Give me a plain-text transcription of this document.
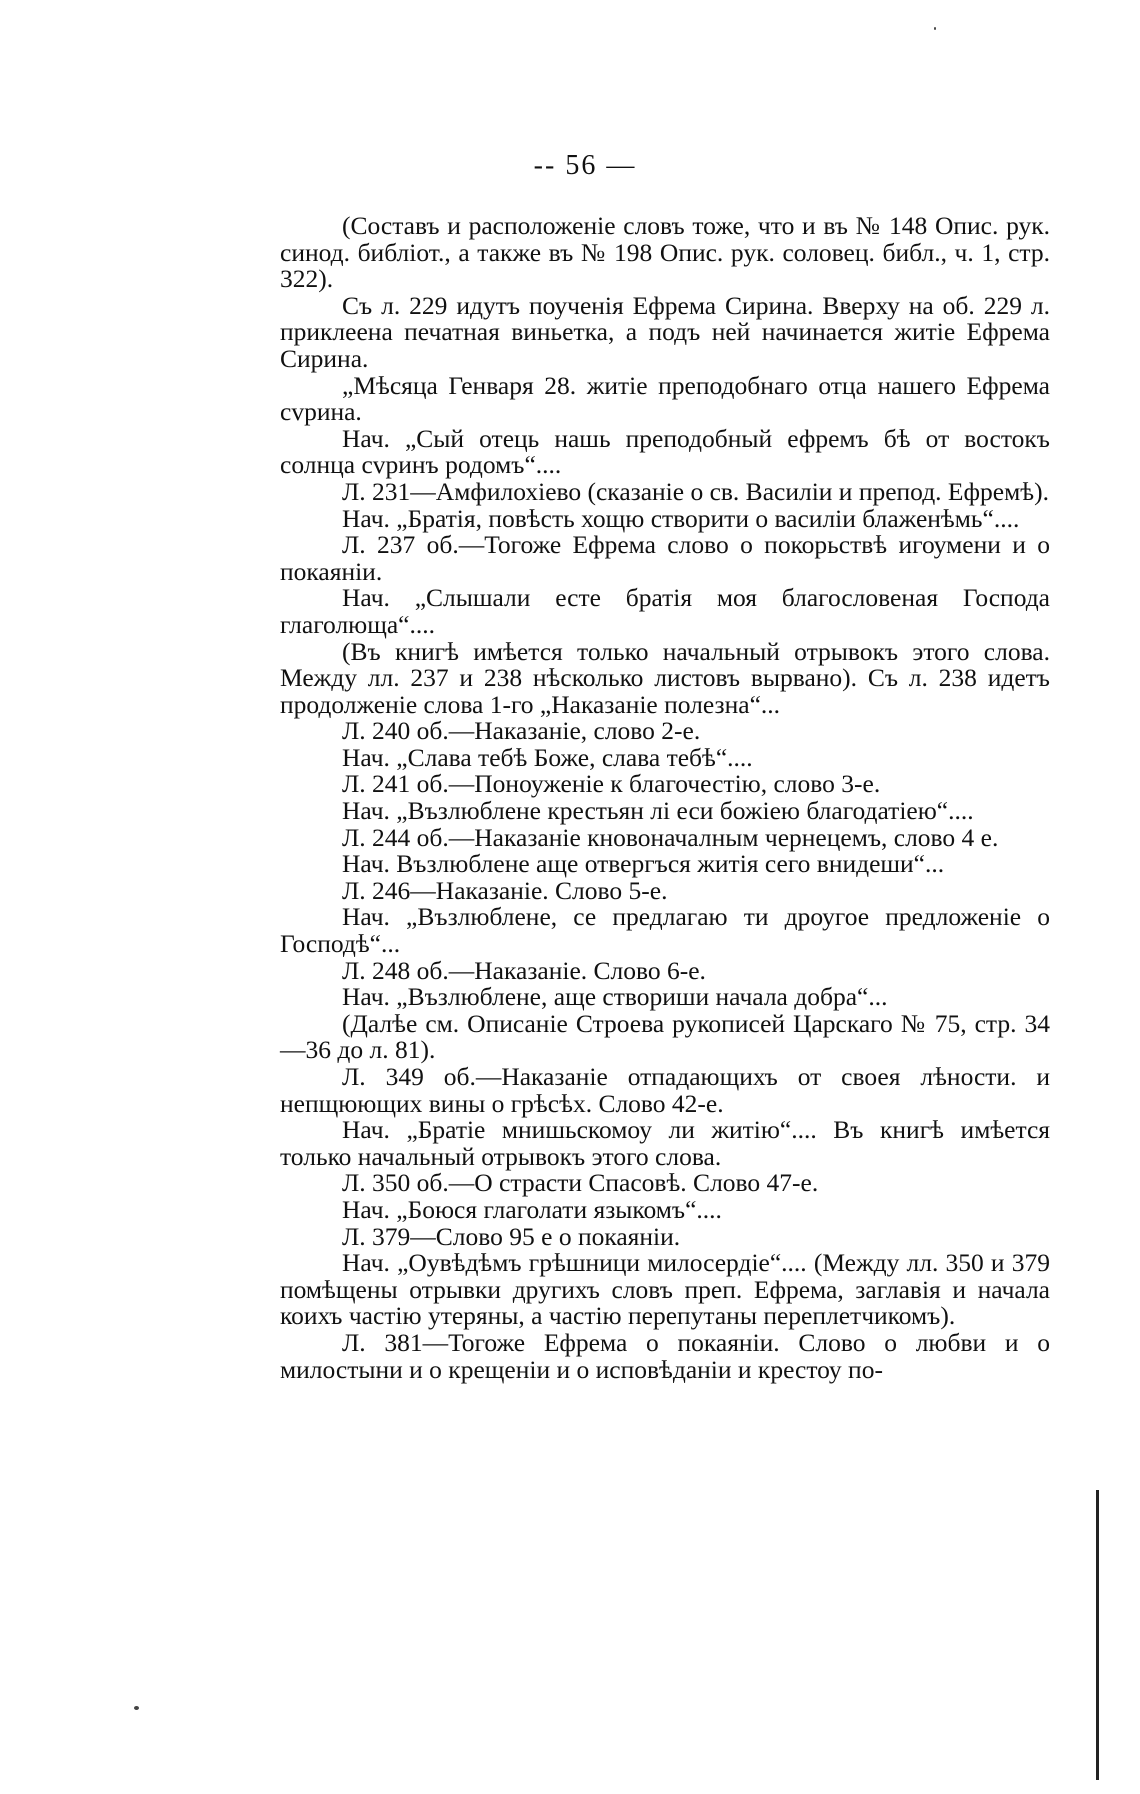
-- 56 —

(Составъ и расположеніе словъ тоже, что и въ № 148 Опис. рук. синод. библіот., а также въ № 198 Опис. рук. соловец. библ., ч. 1, стр. 322).

Съ л. 229 идутъ поученія Ефрема Сирина. Вверху на об. 229 л. приклеена печатная виньетка, а подъ ней начинается житіе Ефрема Сирина.

„Мѣсяца Генваря 28. житіе преподобнаго отца нашего Ефрема сvрина.

Нач. „Сый отець нашь преподобный ефремъ бѣ от востокъ солнца сvринъ родомъ“....

Л. 231—Амфилохіево (сказаніе о св. Василіи и препод. Ефремѣ).

Нач. „Братія, повѣсть хощю створити о василіи блаженѣмь“....

Л. 237 об.—Тогоже Ефрема слово о покорьствѣ игоумени и о покаяніи.

Нач. „Слышали есте братія моя благословеная Господа глаголюща“....

(Въ книгѣ имѣется только начальный отрывокъ этого слова. Между лл. 237 и 238 нѣсколько листовъ вырвано). Съ л. 238 идетъ продолженіе слова 1-го „Наказаніе полезна“...

Л. 240 об.—Наказаніе, слово 2-е.

Нач. „Слава тебѣ Боже, слава тебѣ“....

Л. 241 об.—Поноуженіе к благочестію, слово 3-е.

Нач. „Възлюблене крестьян лі еси божіею благодатіею“....

Л. 244 об.—Наказаніе кновоначалным чернецемъ, слово 4 е.

Нач. Възлюблене аще отвергъся житія сего внидеши“...

Л. 246—Наказаніе. Слово 5-е.

Нач. „Възлюблене, се предлагаю ти дроугое предложеніе о Господѣ“...

Л. 248 об.—Наказаніе. Слово 6-е.

Нач. „Възлюблене, аще створиши начала добра“...

(Далѣе см. Описаніе Строева рукописей Царскаго № 75, стр. 34—36 до л. 81).

Л. 349 об.—Наказаніе отпадающихъ от своея лѣности. и непщюющих вины о грѣсѣх. Слово 42-е.

Нач. „Братіе мнишьскомоу ли житію“.... Въ книгѣ имѣется только начальный отрывокъ этого слова.

Л. 350 об.—О страсти Спасовѣ. Слово 47-е.

Нач. „Боюся глаголати языкомъ“....

Л. 379—Слово 95 е о покаяніи.

Нач. „Оувѣдѣмъ грѣшници милосердіе“.... (Между лл. 350 и 379 помѣщены отрывки другихъ словъ преп. Ефрема, заглавія и начала коихъ частію утеряны, а частію перепутаны переплетчикомъ).

Л. 381—Тогоже Ефрема о покаяніи. Слово о любви и о милостыни и о крещеніи и о исповѣданіи и крестоу по-
